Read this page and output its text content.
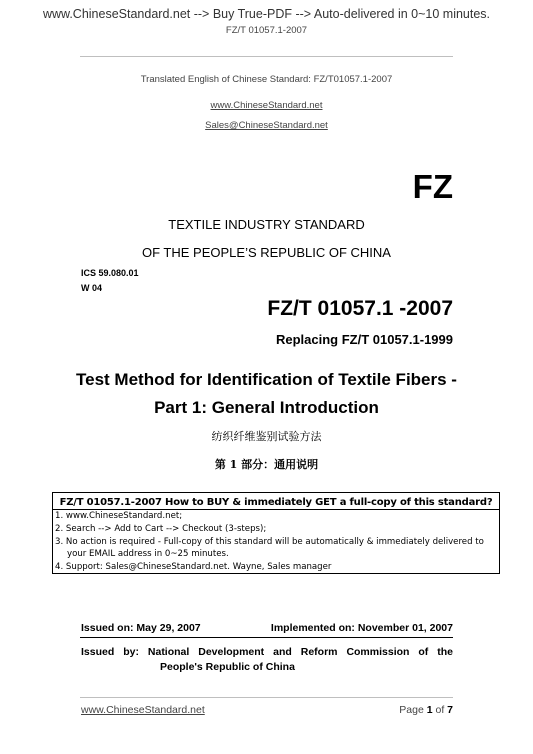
www.ChineseStandard.net --> Buy True-PDF --> Auto-delivered in 0~10 minutes.
FZ/T 01057.1-2007
Translated English of Chinese Standard: FZ/T01057.1-2007
www.ChineseStandard.net
Sales@ChineseStandard.net
FZ
TEXTILE INDUSTRY STANDARD
OF THE PEOPLE’S REPUBLIC OF CHINA
ICS 59.080.01
W 04
FZ/T 01057.1 -2007
Replacing FZ/T 01057.1-1999
Test Method for Identification of Textile Fibers -
Part 1: General Introduction
纺织纤维鉴别试验方法
第 1 部分：通用说明
FZ/T 01057.1-2007 How to BUY & immediately GET a full-copy of this standard?
1. www.ChineseStandard.net;
2. Search --> Add to Cart --> Checkout (3-steps);
3. No action is required - Full-copy of this standard will be automatically & immediately delivered to
your EMAIL address in 0~25 minutes.
4. Support: Sales@ChineseStandard.net. Wayne, Sales manager
Issued on: May 29, 2007	Implemented on: November 01, 2007
Issued by: National Development and Reform Commission of the
People's Republic of China
www.ChineseStandard.net	Page 1 of 7
